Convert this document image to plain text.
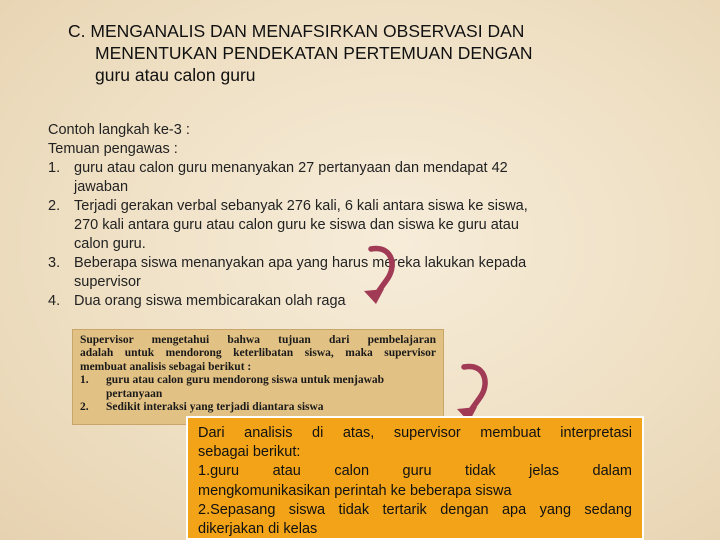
C. MENGANALIS DAN MENAFSIRKAN OBSERVASI DAN
MENENTUKAN PENDEKATAN PERTEMUAN DENGAN
guru atau calon guru
Contoh langkah ke-3 :
Temuan pengawas :
1. guru atau calon guru menanyakan 27 pertanyaan dan mendapat 42
jawaban
2. Terjadi gerakan verbal sebanyak 276 kali, 6 kali antara siswa ke siswa,
270 kali antara guru atau calon guru ke siswa dan siswa ke guru atau
calon guru.
3. Beberapa siswa menanyakan apa yang harus mereka lakukan kepada
supervisor
4. Dua orang siswa membicarakan olah raga
Supervisor mengetahui bahwa tujuan dari pembelajaran
adalah untuk mendorong keterlibatan siswa, maka supervisor
membuat analisis sebagai berikut :
1. guru atau calon guru mendorong siswa untuk menjawab
pertanyaan
2. Sedikit interaksi yang terjadi diantara siswa
Dari analisis di atas, supervisor membuat interpretasi
sebagai berikut:
1.guru atau calon guru tidak jelas dalam
mengkomunikasikan perintah ke beberapa siswa
2.Sepasang siswa tidak tertarik dengan apa yang sedang
dikerjakan di kelas
